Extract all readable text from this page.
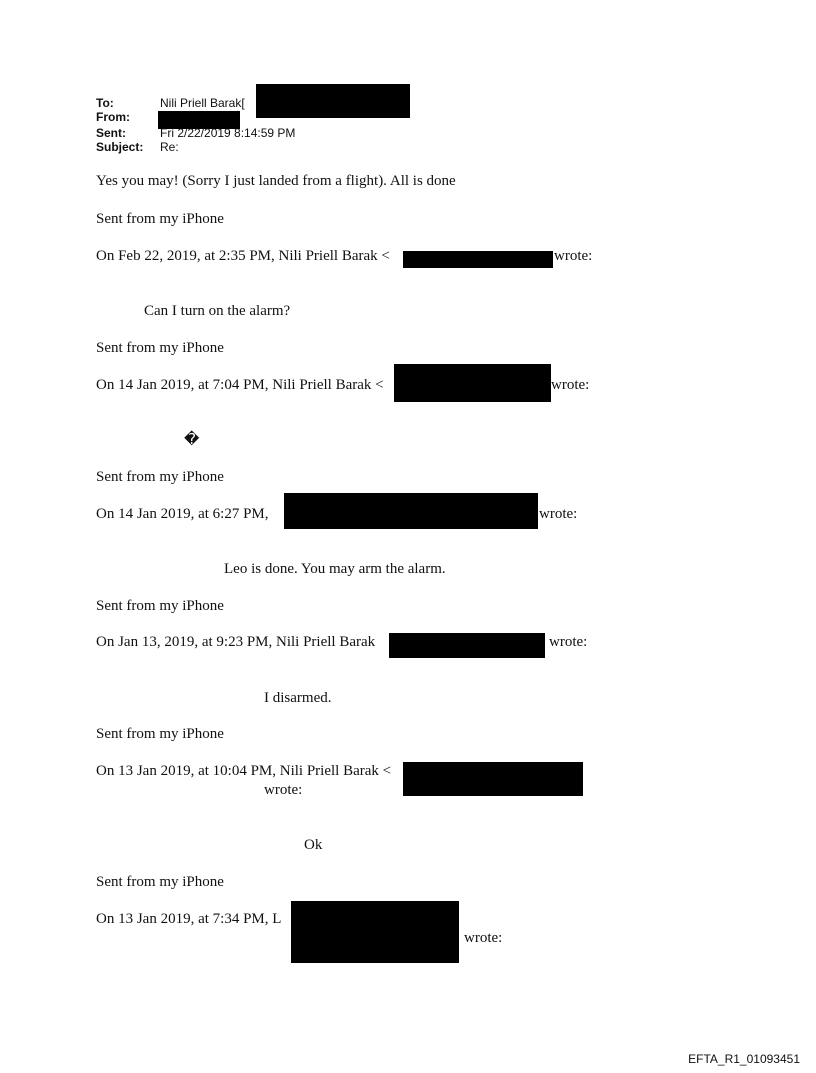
To:	Nili Priell Barak[
From:
Sent:	Fri 2/22/2019 8:14:59 PM
Subject: Re:
Yes you may! (Sorry I just landed from a flight). All is done
Sent from my iPhone
On Feb 22, 2019, at 2:35 PM, Nili Priell Barak <	wrote:
Can I turn on the alarm?
Sent from my iPhone
On 14 Jan 2019, at 7:04 PM, Nili Priell Barak <	wrote:
�
Sent from my iPhone
On 14 Jan 2019, at 6:27 PM,	wrote:
Leo is done. You may arm the alarm.
Sent from my iPhone
On Jan 13, 2019, at 9:23 PM, Nili Priell Barak	wrote:
I disarmed.
Sent from my iPhone
On 13 Jan 2019, at 10:04 PM, Nili Priell Barak <
wrote:
Ok
Sent from my iPhone
On 13 Jan 2019, at 7:34 PM, L
wrote:
EFTA_R1_01093451
